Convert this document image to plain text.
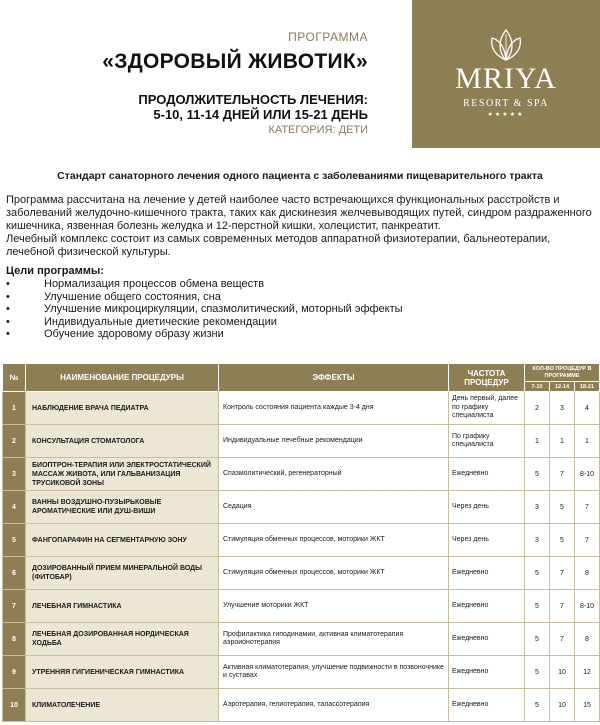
ПРОГРАММА
«ЗДОРОВЫЙ ЖИВОТИК»
ПРОДОЛЖИТЕЛЬНОСТЬ ЛЕЧЕНИЯ:
5-10, 11-14 ДНЕЙ ИЛИ 15-21 ДЕНЬ
КАТЕГОРИЯ: ДЕТИ
MRIYA
RESORT & SPA
★★★★★
Стандарт санаторного лечения одного пациента с заболеваниями пищеварительного тракта
Программа рассчитана на лечение у детей наиболее часто встречающихся функциональных расстройств и заболеваний желудочно-кишечного тракта, таких как дискинезия желчевыводящих путей, синдром раздраженного кишечника, язвенная болезнь желудка и 12-перстной кишки, холецистит, панкреатит.
Лечебный комплекс состоит из самых современных методов аппаратной физиотерапии, бальнеотерапии, лечебной физической культуры.
Цели программы:
• Нормализация процессов обмена веществ
• Улучшение общего состояния, сна
• Улучшение микроциркуляции, спазмолитический, моторный эффекты
• Индивидуальные диетические рекомендации
• Обучение здоровому образу жизни
№	НАИМЕНОВАНИЕ ПРОЦЕДУРЫ	ЭФФЕКТЫ	ЧАСТОТА ПРОЦЕДУР	КОЛ-ВО ПРОЦЕДУР В ПРОГРАММЕ		
				7-10	12-14	18-21
1	НАБЛЮДЕНИЕ ВРАЧА ПЕДИАТРА	Контроль состояния пациента каждые 3-4 дня	День первый, далее по графику специалиста	2	3	4
2	КОНСУЛЬТАЦИЯ СТОМАТОЛОГА	Индивидуальные лечебные рекомендации	По графику специалиста	1	1	1
3	БИОПТРОН-ТЕРАПИЯ ИЛИ ЭЛЕКТРОСТАТИЧЕСКИЙ МАССАЖ ЖИВОТА, ИЛИ ГАЛЬВАНИЗАЦИЯ ТРУСИКОВОЙ ЗОНЫ	Спазмолитический, регенераторный	Ежедневно	5	7	8-10
4	ВАННЫ ВОЗДУШНО-ПУЗЫРЬКОВЫЕ АРОМАТИЧЕСКИЕ ИЛИ ДУШ-ВИШИ	Седация	Через день	3	5	7
5	ФАНГОПАРАФИН НА СЕГМЕНТАРНУЮ ЗОНУ	Стимуляция обменных процессов, моторики ЖКТ	Через день	3	5	7
6	ДОЗИРОВАННЫЙ ПРИЕМ МИНЕРАЛЬНОЙ ВОДЫ (ФИТОБАР)	Стимуляция обменных процессов, моторики ЖКТ	Ежедневно	5	7	8
7	ЛЕЧЕБНАЯ ГИМНАСТИКА	Улучшение моторики ЖКТ	Ежедневно	5	7	8-10
8	ЛЕЧЕБНАЯ ДОЗИРОВАННАЯ НОРДИЧЕСКАЯ ХОДЬБА	Профилактика гиподинамии, активная климатотерапия аэроионотерапия	Ежедневно	5	7	8
9	УТРЕННЯЯ ГИГИЕНИЧЕСКАЯ ГИМНАСТИКА	Активная климатотерапия, улучшение подвижности в позвоночнике и суставах	Ежедневно	5	10	12
10	КЛИМАТОЛЕЧЕНИЕ	Аэротерапия, гелиотерапия, талассотерапия	Ежедневно	5	10	15
